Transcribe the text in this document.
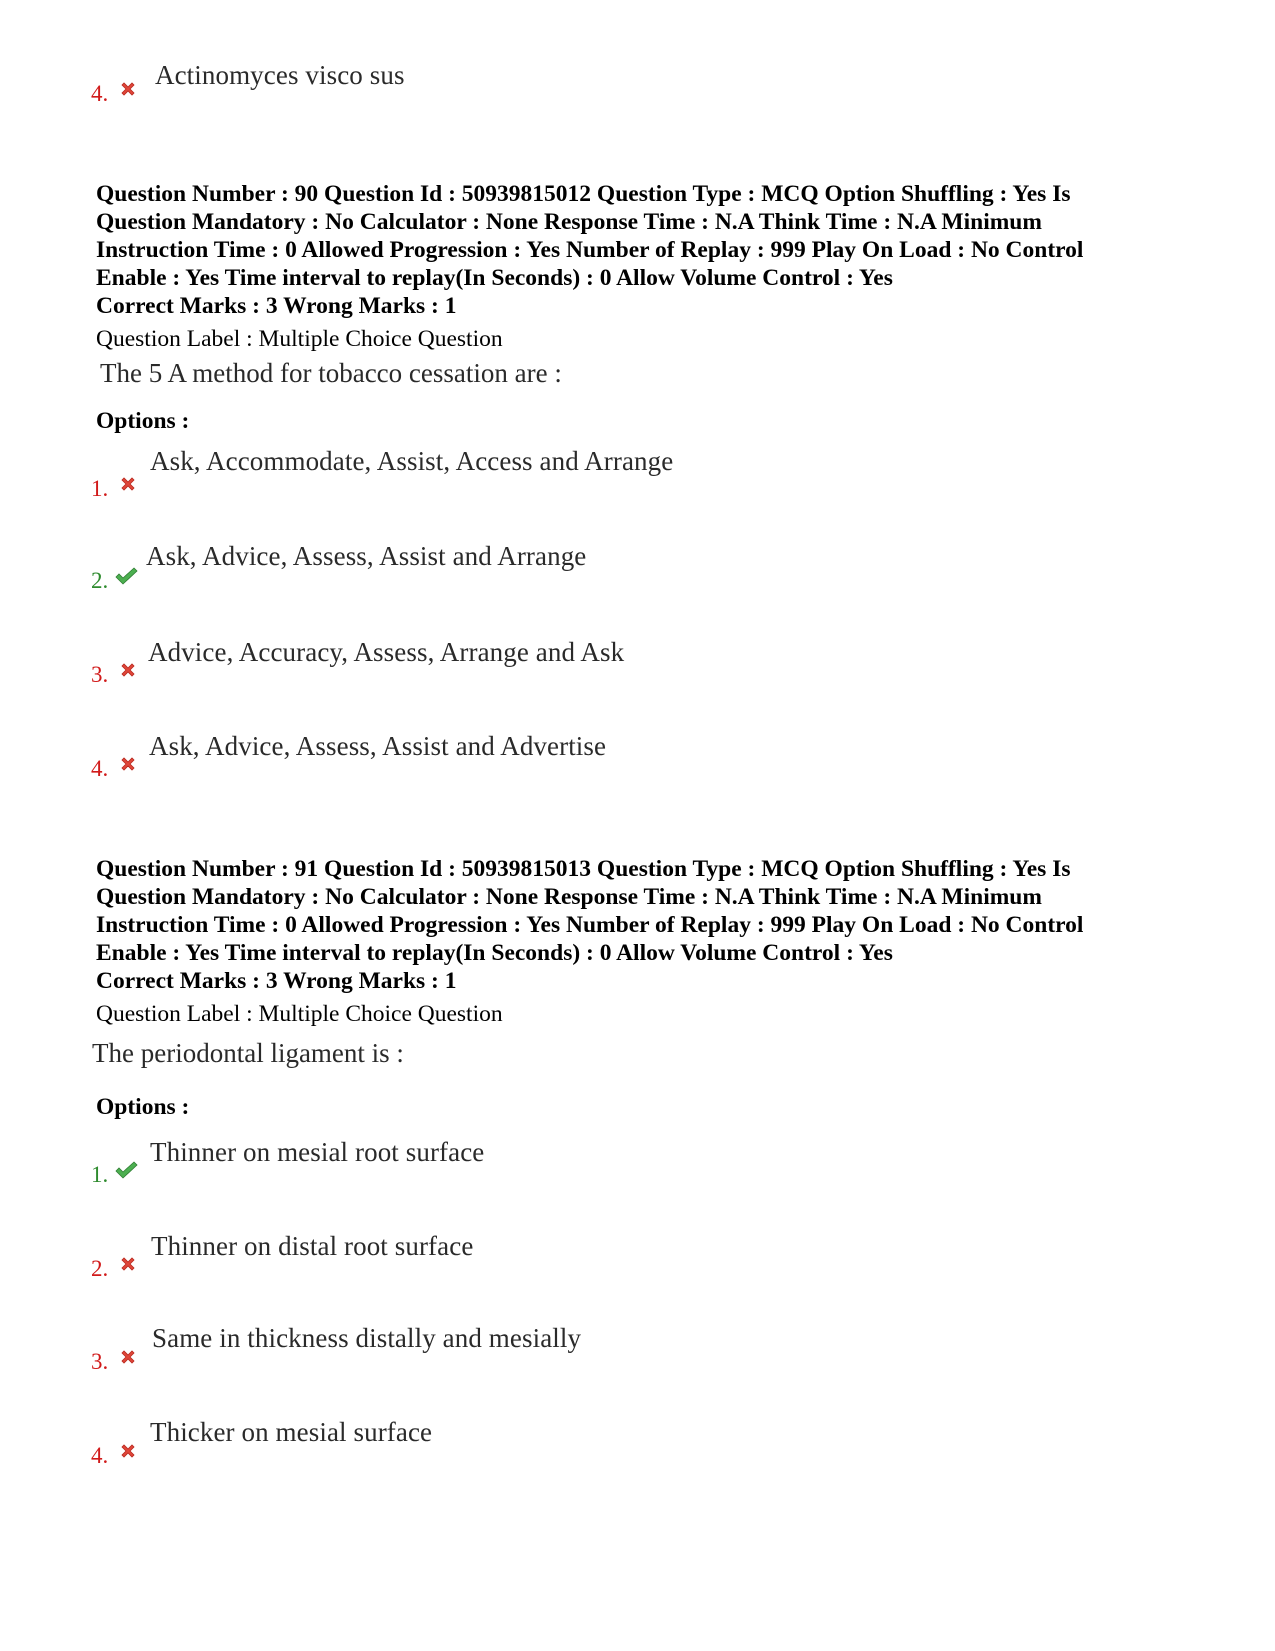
4.
Actinomyces visco sus
Question Number : 90 Question Id : 50939815012 Question Type : MCQ Option Shuffling : Yes Is
Question Mandatory : No Calculator : None Response Time : N.A Think Time : N.A Minimum
Instruction Time : 0 Allowed Progression : Yes Number of Replay : 999 Play On Load : No Control
Enable : Yes Time interval to replay(In Seconds) : 0 Allow Volume Control : Yes
Correct Marks : 3 Wrong Marks : 1
Question Label : Multiple Choice Question
The 5 A method for tobacco cessation are :
Options :
1.
Ask, Accommodate, Assist, Access and Arrange
2.
Ask, Advice, Assess, Assist and Arrange
3.
Advice, Accuracy, Assess, Arrange and Ask
4.
Ask, Advice, Assess, Assist and Advertise
Question Number : 91 Question Id : 50939815013 Question Type : MCQ Option Shuffling : Yes Is
Question Mandatory : No Calculator : None Response Time : N.A Think Time : N.A Minimum
Instruction Time : 0 Allowed Progression : Yes Number of Replay : 999 Play On Load : No Control
Enable : Yes Time interval to replay(In Seconds) : 0 Allow Volume Control : Yes
Correct Marks : 3 Wrong Marks : 1
Question Label : Multiple Choice Question
The periodontal ligament is :
Options :
1.
Thinner on mesial root surface
2.
Thinner on distal root surface
3.
Same in thickness distally and mesially
4.
Thicker on mesial surface
